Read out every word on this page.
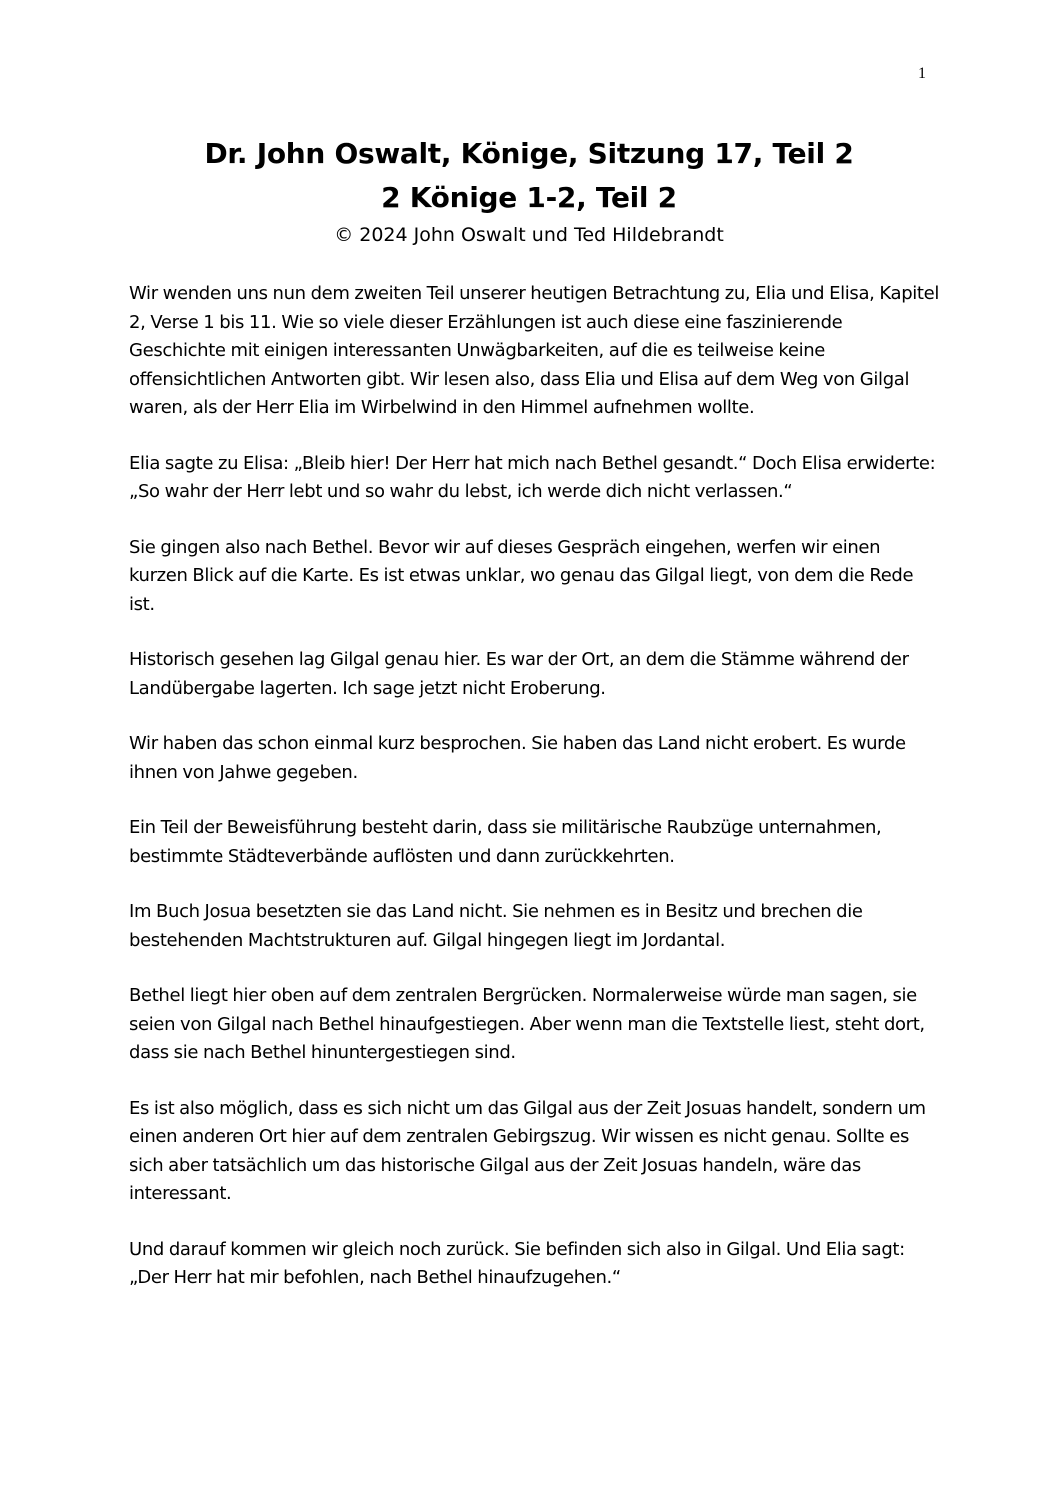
1
Dr. John Oswalt, Könige, Sitzung 17, Teil 2
2 Könige 1-2, Teil 2
© 2024 John Oswalt und Ted Hildebrandt

Wir wenden uns nun dem zweiten Teil unserer heutigen Betrachtung zu, Elia und Elisa, Kapitel 2, Verse 1 bis 11. Wie so viele dieser Erzählungen ist auch diese eine faszinierende Geschichte mit einigen interessanten Unwägbarkeiten, auf die es teilweise keine offensichtlichen Antworten gibt. Wir lesen also, dass Elia und Elisa auf dem Weg von Gilgal waren, als der Herr Elia im Wirbelwind in den Himmel aufnehmen wollte.

Elia sagte zu Elisa: „Bleib hier! Der Herr hat mich nach Bethel gesandt.“ Doch Elisa erwiderte: „So wahr der Herr lebt und so wahr du lebst, ich werde dich nicht verlassen.“

Sie gingen also nach Bethel. Bevor wir auf dieses Gespräch eingehen, werfen wir einen kurzen Blick auf die Karte. Es ist etwas unklar, wo genau das Gilgal liegt, von dem die Rede ist.

Historisch gesehen lag Gilgal genau hier. Es war der Ort, an dem die Stämme während der Landübergabe lagerten. Ich sage jetzt nicht Eroberung.

Wir haben das schon einmal kurz besprochen. Sie haben das Land nicht erobert. Es wurde ihnen von Jahwe gegeben.

Ein Teil der Beweisführung besteht darin, dass sie militärische Raubzüge unternahmen, bestimmte Städteverbände auflösten und dann zurückkehrten.

Im Buch Josua besetzten sie das Land nicht. Sie nehmen es in Besitz und brechen die bestehenden Machtstrukturen auf. Gilgal hingegen liegt im Jordantal.

Bethel liegt hier oben auf dem zentralen Bergrücken. Normalerweise würde man sagen, sie seien von Gilgal nach Bethel hinaufgestiegen. Aber wenn man die Textstelle liest, steht dort, dass sie nach Bethel hinuntergestiegen sind.

Es ist also möglich, dass es sich nicht um das Gilgal aus der Zeit Josuas handelt, sondern um einen anderen Ort hier auf dem zentralen Gebirgszug. Wir wissen es nicht genau. Sollte es sich aber tatsächlich um das historische Gilgal aus der Zeit Josuas handeln, wäre das interessant.

Und darauf kommen wir gleich noch zurück. Sie befinden sich also in Gilgal. Und Elia sagt: „Der Herr hat mir befohlen, nach Bethel hinaufzugehen.“
